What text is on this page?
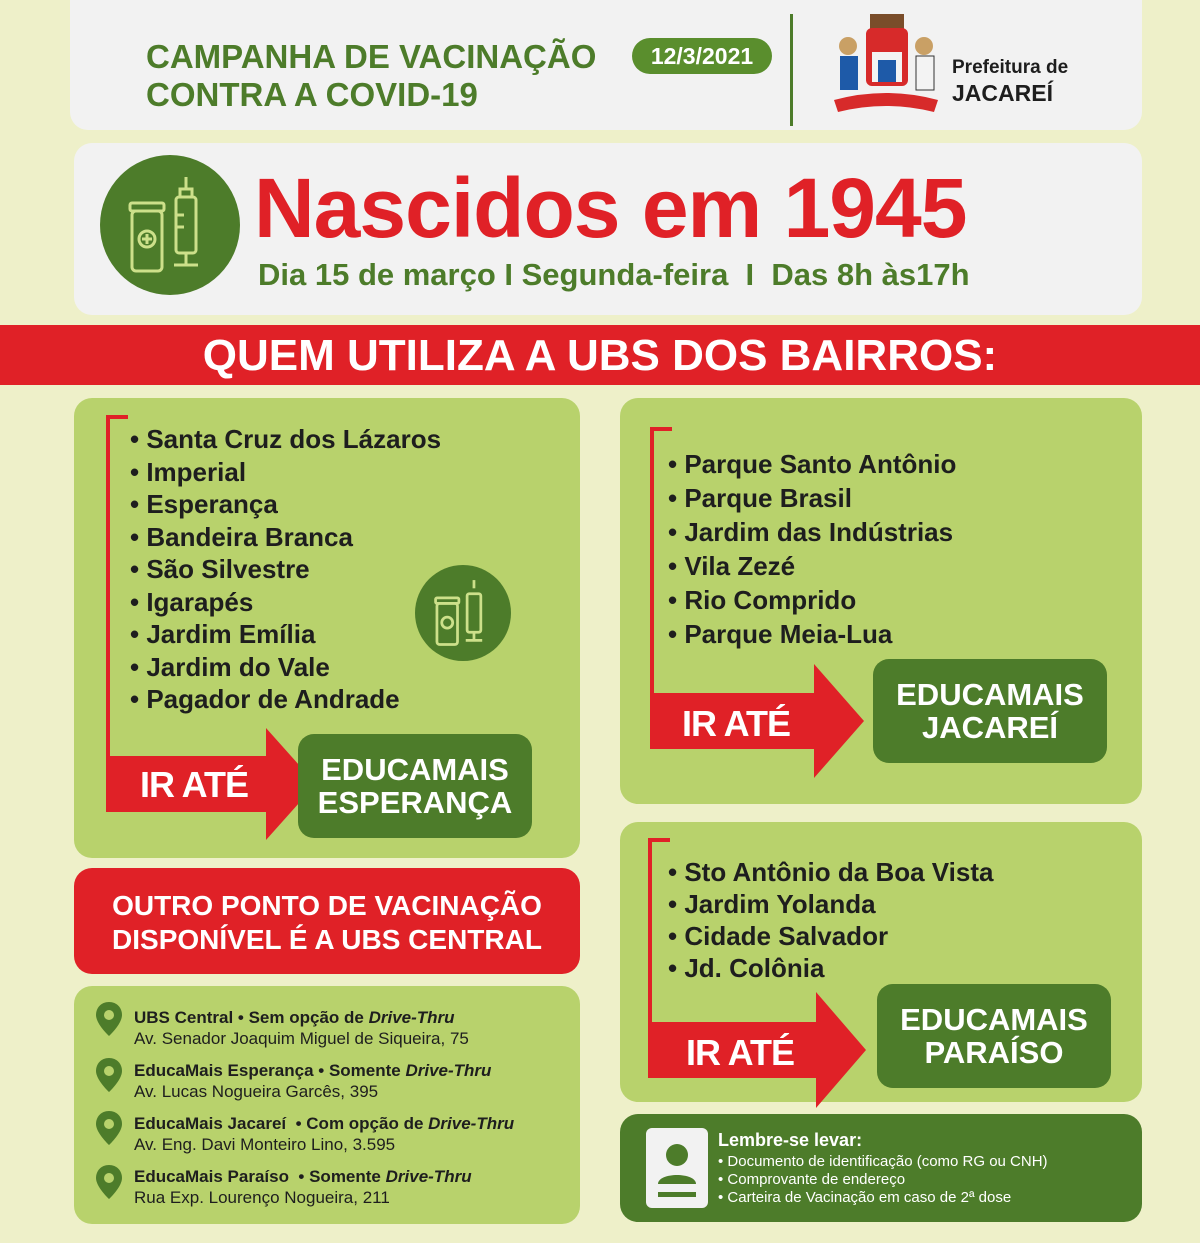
CAMPANHA DE VACINAÇÃO
CONTRA A COVID-19
12/3/2021	Prefeitura de
JACAREÍ
Nascidos em 1945
Dia 15 de março I Segunda-feira  I  Das 8h às17h
QUEM UTILIZA A UBS DOS BAIRROS:
• Santa Cruz dos Lázaros
• Imperial
• Esperança
• Bandeira Branca
• São Silvestre
• Igarapés
• Jardim Emília
• Jardim do Vale
• Pagador de Andrade
IR ATÉ	EDUCAMAIS
ESPERANÇA
• Parque Santo Antônio
• Parque Brasil
• Jardim das Indústrias
• Vila Zezé
• Rio Comprido
• Parque Meia-Lua
IR ATÉ
EDUCAMAIS
JACAREÍ
OUTRO PONTO DE VACINAÇÃO
DISPONÍVEL É A UBS CENTRAL
UBS Central • Sem opção de Drive-Thru
Av. Senador Joaquim Miguel de Siqueira, 75
EducaMais Esperança • Somente Drive-Thru
Av. Lucas Nogueira Garcês, 395
EducaMais Jacareí  • Com opção de Drive-Thru
Av. Eng. Davi Monteiro Lino, 3.595
EducaMais Paraíso  • Somente Drive-Thru
Rua Exp. Lourenço Nogueira, 211
• Sto Antônio da Boa Vista
• Jardim Yolanda
• Cidade Salvador
• Jd. Colônia
IR ATÉ
EDUCAMAIS
PARAÍSO
Lembre-se levar:
• Documento de identificação (como RG ou CNH)
• Comprovante de endereço
• Carteira de Vacinação em caso de 2ª dose
